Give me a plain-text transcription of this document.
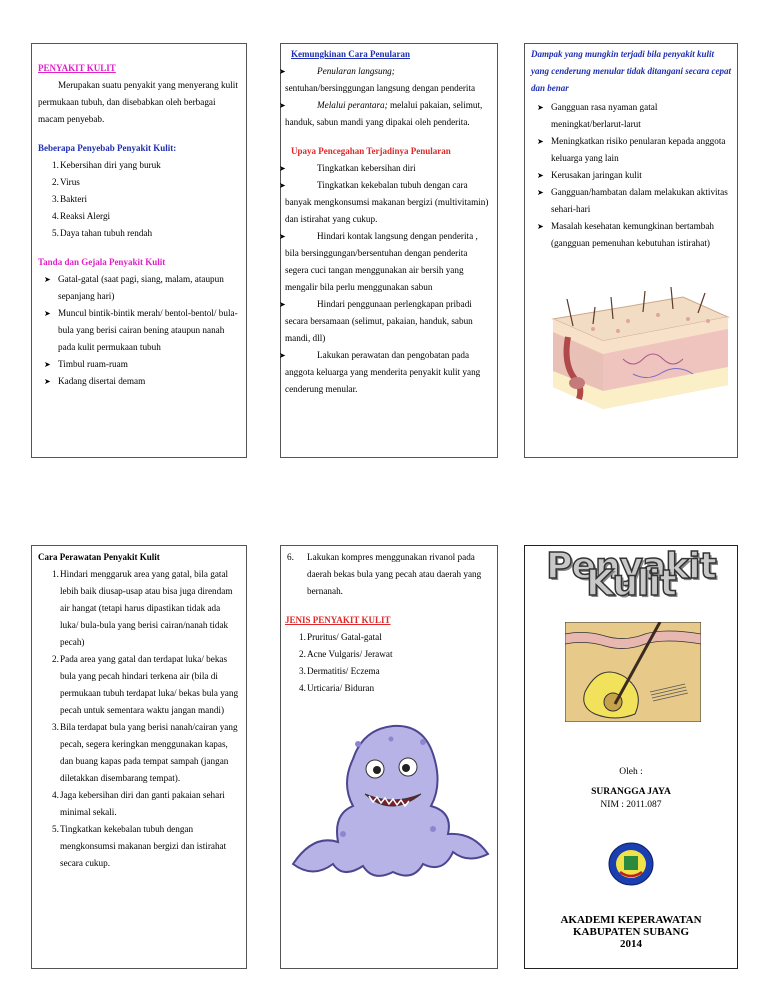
PENYAKIT KULIT
Merupakan suatu penyakit yang menyerang kulit permukaan tubuh, dan disebabkan oleh berbagai macam penyebab.
Beberapa Penyebab Penyakit Kulit:
1. Kebersihan diri yang buruk
2. Virus
3. Bakteri
4. Reaksi Alergi
5. Daya tahan tubuh rendah
Tanda dan Gejala Penyakit Kulit
➤ Gatal-gatal (saat pagi, siang, malam, ataupun sepanjang hari)
➤ Muncul bintik-bintik merah/ bentol-bentol/ bula-bula yang berisi cairan bening ataupun nanah pada kulit permukaan tubuh
➤ Timbul ruam-ruam
➤ Kadang disertai demam
Kemungkinan Cara Penularan
➤	Penularan langsung;
sentuhan/bersinggungan langsung dengan penderita
➤	Melalui perantara; melalui pakaian, selimut, handuk, sabun mandi yang dipakai oleh penderita.
Upaya Pencegahan Terjadinya Penularan
➤	Tingkatkan kebersihan diri
➤	Tingkatkan kekebalan tubuh dengan cara banyak mengkonsumsi makanan bergizi (multivitamin) dan istirahat yang cukup.
➤	Hindari kontak langsung dengan penderita , bila bersinggungan/bersentuhan dengan penderita segera cuci tangan menggunakan air bersih yang mengalir bila perlu menggunakan sabun
➤	Hindari penggunaan perlengkapan pribadi secara bersamaan (selimut, pakaian, handuk, sabun mandi, dll)
➤	Lakukan perawatan dan pengobatan pada anggota keluarga yang menderita penyakit kulit yang cenderung menular.
Dampak yang mungkin terjadi bila penyakit kulit yang cenderung menular tidak ditangani secara cepat dan benar
➤ Gangguan rasa nyaman gatal meningkat/berlarut-larut
➤ Meningkatkan risiko penularan kepada anggota keluarga yang lain
➤ Kerusakan jaringan kulit
➤ Gangguan/hambatan dalam melakukan aktivitas sehari-hari
➤ Masalah kesehatan kemungkinan bertambah (gangguan pemenuhan kebutuhan istirahat)
Cara Perawatan Penyakit Kulit
1. Hindari menggaruk area yang gatal, bila gatal lebih baik diusap-usap atau bisa juga direndam air hangat (tetapi harus dipastikan tidak ada luka/ bula-bula yang berisi cairan/nanah tidak pecah)
2. Pada area yang gatal dan terdapat luka/ bekas bula yang pecah hindari terkena air (bila di permukaan tubuh terdapat luka/ bekas bula yang pecah untuk sementara waktu jangan mandi)
3. Bila terdapat bula yang berisi nanah/cairan yang pecah, segera keringkan menggunakan kapas, dan buang kapas pada tempat sampah (jangan diletakkan disembarang tempat).
4. Jaga kebersihan diri dan ganti pakaian sehari minimal sekali.
5. Tingkatkan kekebalan tubuh dengan mengkonsumsi makanan bergizi dan istirahat secara cukup.
6.	Lakukan kompres menggunakan rivanol pada daerah bekas bula yang pecah atau daerah yang bernanah.
JENIS PENYAKIT KULIT
1. Pruritus/ Gatal-gatal
2. Acne Vulgaris/ Jerawat
3. Dermatitis/ Eczema
4. Urticaria/ Biduran
Penyakit Kulit
Oleh :
SURANGGA JAYA
NIM : 2011.087
AKADEMI KEPERAWATAN
KABUPATEN SUBANG
2014
